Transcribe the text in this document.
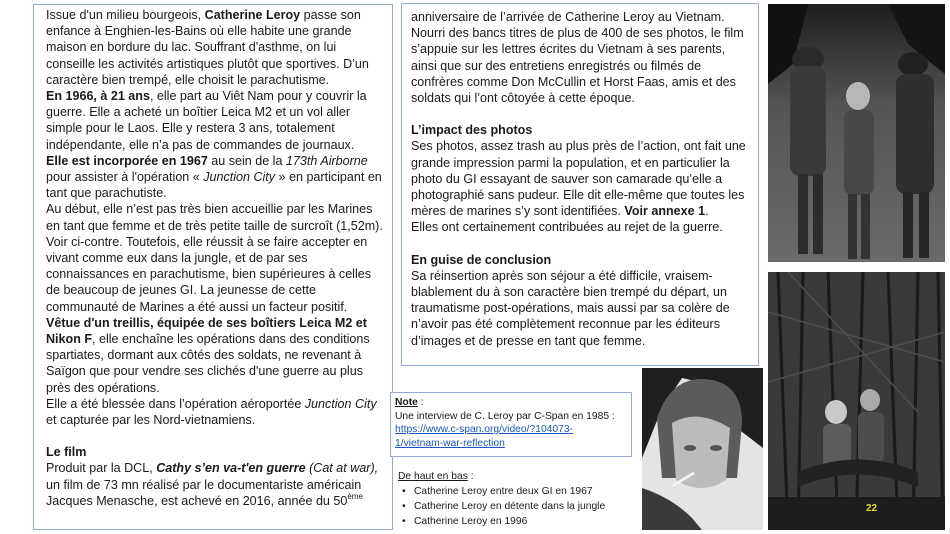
Issue d'un milieu bourgeois, Catherine Leroy passe son enfance à Enghien-les-Bains où elle habite une grande maison en bordure du lac. Souffrant d'asthme, on lui conseille les activités artistiques plutôt que sportives. D’un caractère bien trempé, elle choisit le parachutisme.

En 1966, à 21 ans, elle part au Viêt Nam pour y couvrir la guerre. Elle a acheté un boîtier Leica M2 et un vol aller simple pour le Laos. Elle y restera 3 ans, totalement indépendante, elle n’a pas de commandes de journaux.

Elle est incorporée en 1967 au sein de la 173th Airborne pour assister à l'opération « Junction City » en participant en tant que parachutiste.

Au début, elle n’est pas très bien accueillie par les Marines en tant que femme et de très petite taille de surcroît (1,52m). Voir ci-contre. Toutefois, elle réussit à se faire accepter en vivant comme eux dans la jungle, et de par ses connaissances en parachutisme, bien supérieures à celles de beaucoup de jeunes GI. La jeunesse de cette communauté de Marines a été aussi un facteur positif.

Vêtue d'un treillis, équipée de ses boîtiers Leica M2 et Nikon F, elle enchaîne les opérations dans des conditions spartiates, dormant aux côtés des soldats, ne revenant à Saïgon que pour vendre ses clichés d'une guerre au plus près des opérations.

Elle a été blessée dans l’opération aéroportée Junction City et capturée par les Nord-vietnamiens.

Le film

Produit par la DCL, Cathy s’en va-t'en guerre (Cat at war), un film de 73 mn réalisé par le documentariste américain Jacques Menasche, est achevé en 2016, année du 50ème

anniversaire de l’arrivée de Catherine Leroy au Vietnam. Nourri des bancs titres de plus de 400 de ses photos, le film s’appuie sur les lettres écrites du Vietnam à ses parents, ainsi que sur des entretiens enregistrés ou filmés de confrères comme Don McCullin et Horst Faas, amis et des soldats qui l’ont côtoyée à cette époque.

L’impact des photos

Ses photos, assez trash au plus près de l’action, ont fait une grande impression parmi la population, et en particulier la photo du GI essayant de sauver son camarade qu’elle a photographié sans pudeur. Elle dit elle-même que toutes les mères de marines s’y sont identifiées. Voir annexe 1.

Elles ont certainement contribuées au rejet de la guerre.

En guise de conclusion

Sa réinsertion après son séjour a été difficile, vraisem-blablement du à son caractère bien trempé du départ, un traumatisme post-opérations, mais aussi par sa colère de n’avoir pas été complètement reconnue par les éditeurs d’images et de presse en tant que femme.

Note :
Une interview de C. Leroy par C-Span en 1985 :
https://www.c-span.org/video/?104073-
1/vietnam-war-reflection
De haut en bas :
• Catherine Leroy entre deux GI en 1967
• Catherine Leroy en détente dans la jungle
• Catherine Leroy en 1996
22
